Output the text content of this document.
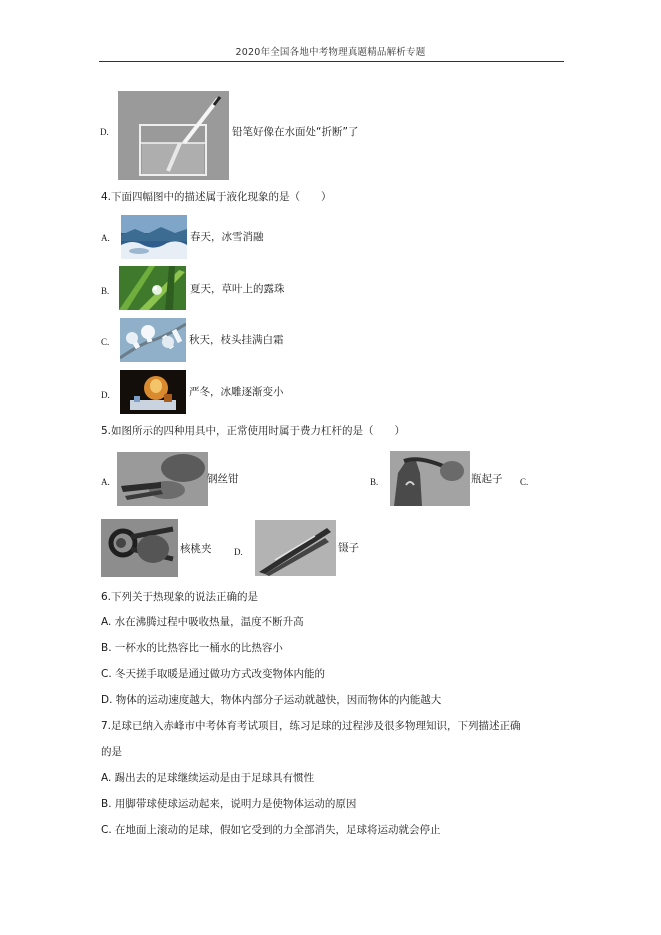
2020年全国各地中考物理真题精品解析专题
D.	铅笔好像在水面处“折断”了
4.下面四幅图中的描述属于液化现象的是（　　）
A.	春天，冰雪消融
B.	夏天，草叶上的露珠
C.	秋天，枝头挂满白霜
D.	严冬，冰雕逐渐变小
5.如图所示的四种用具中，正常使用时属于费力杠杆的是（　　）
A.	钢丝钳	B.	瓶起子 C.
核桃夹	D.	镊子
6.下列关于热现象的说法正确的是
A. 水在沸腾过程中吸收热量，温度不断升高
B. 一杯水的比热容比一桶水的比热容小
C. 冬天搓手取暖是通过做功方式改变物体内能的
D. 物体的运动速度越大，物体内部分子运动就越快，因而物体的内能越大
7.足球已纳入赤峰市中考体育考试项目，练习足球的过程涉及很多物理知识，下列描述正确
的是
A. 踢出去的足球继续运动是由于足球具有惯性
B. 用脚带球使球运动起来，说明力是使物体运动的原因
C. 在地面上滚动的足球，假如它受到的力全部消失，足球将运动就会停止
